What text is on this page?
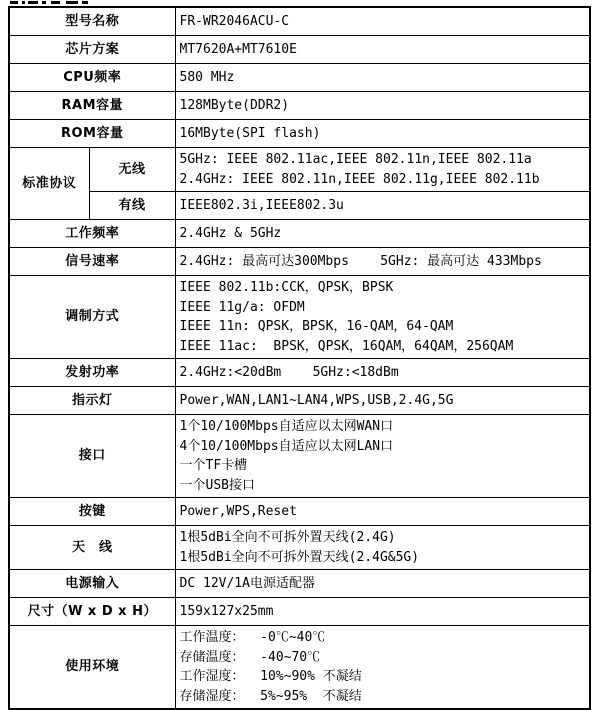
型号名称		FR-WR2046ACU-C

芯片方案		MT7620A+MT7610E

CPU频率		580 MHz

RAM容量		128MByte(DDR2)

ROM容量		16MByte(SPI flash)

标准协议	无线	5GHz: IEEE 802.11ac,IEEE 802.11n,IEEE 802.11a
2.4GHz: IEEE 802.11n,IEEE 802.11g,IEEE 802.11b

	有线	IEEE802.3i,IEEE802.3u

工作频率		2.4GHz & 5GHz

信号速率		2.4GHz: 最高可达300Mbps    5GHz: 最高可达 433Mbps

调制方式		IEEE 802.11b:CCK，QPSK，BPSK
IEEE 11g/a: OFDM
IEEE 11n: QPSK，BPSK，16-QAM，64-QAM
IEEE 11ac:  BPSK，QPSK，16QAM，64QAM，256QAM

发射功率		2.4GHz:<20dBm    5GHz:<18dBm

指示灯		Power,WAN,LAN1~LAN4,WPS,USB,2.4G,5G

接口		1个10/100Mbps自适应以太网WAN口
4个10/100Mbps自适应以太网LAN口
一个TF卡槽
一个USB接口

按键		Power,WPS,Reset

天　线		1根5dBi全向不可拆外置天线(2.4G)
1根5dBi全向不可拆外置天线(2.4G&5G)

电源输入		DC 12V/1A电源适配器

尺寸（W x D x H）		159x127x25mm

使用环境		工作温度：  -0℃~40℃
存储温度：  -40~70℃
工作湿度：  10%~90% 不凝结
存储湿度：  5%~95%  不凝结
